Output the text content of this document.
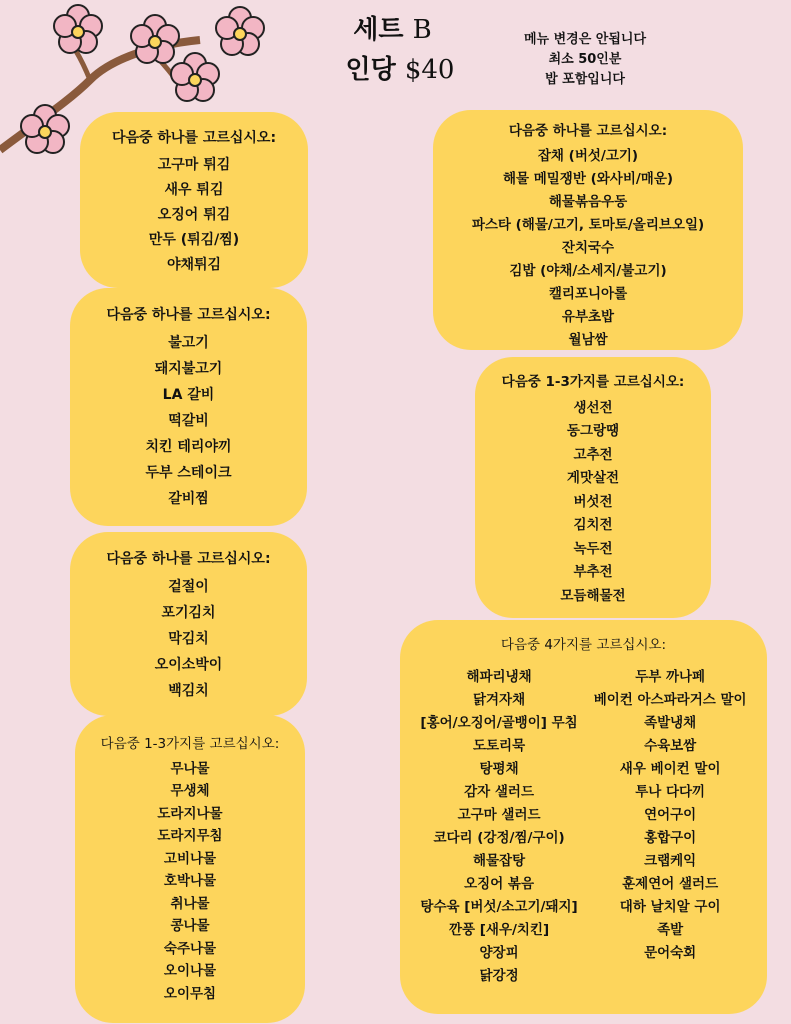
세트 B
인당 $40
메뉴 변경은 안됩니다
최소 50인분
밥 포함입니다
다음중 하나를 고르십시오:
고구마 튀김
새우 튀김
오징어 튀김
만두 (튀김/찜)
야채튀김
다음중 하나를 고르십시오:
불고기
돼지불고기
LA 갈비
떡갈비
치킨 테리야끼
두부 스테이크
갈비찜
다음중 하나를 고르십시오:
겉절이
포기김치
막김치
오이소박이
백김치
다음중 1-3가지를 고르십시오:
무나물
무생체
도라지나물
도라지무침
고비나물
호박나물
취나물
콩나물
숙주나물
오이나물
오이무침
다음중 하나를 고르십시오:
잡채 (버섯/고기)
해물 메밀쟁반 (와사비/매운)
해물볶음우동
파스타 (해물/고기, 토마토/올리브오일)
잔치국수
김밥 (야채/소세지/불고기)
캘리포니아롤
유부초밥
월남쌈
다음중 1-3가지를 고르십시오:
생선전
동그랑땡
고추전
게맛살전
버섯전
김치전
녹두전
부추전
모듬해물전
다음중 4가지를 고르십시오:
해파리냉채
닭겨자채
[홍어/오징어/골뱅이] 무침
도토리묵
탕평채
감자 샐러드
고구마 샐러드
코다리 (강정/찜/구이)
해물잡탕
오징어 볶음
탕수육 [버섯/소고기/돼지]
깐풍 [새우/치킨]
양장피
닭강정
두부 까나페
베이컨 아스파라거스 말이
족발냉채
수육보쌈
새우 베이컨 말이
투나 다다끼
연어구이
홍합구이
크랩케익
훈제연어 샐러드
대하 날치알 구이
족발
문어숙회
